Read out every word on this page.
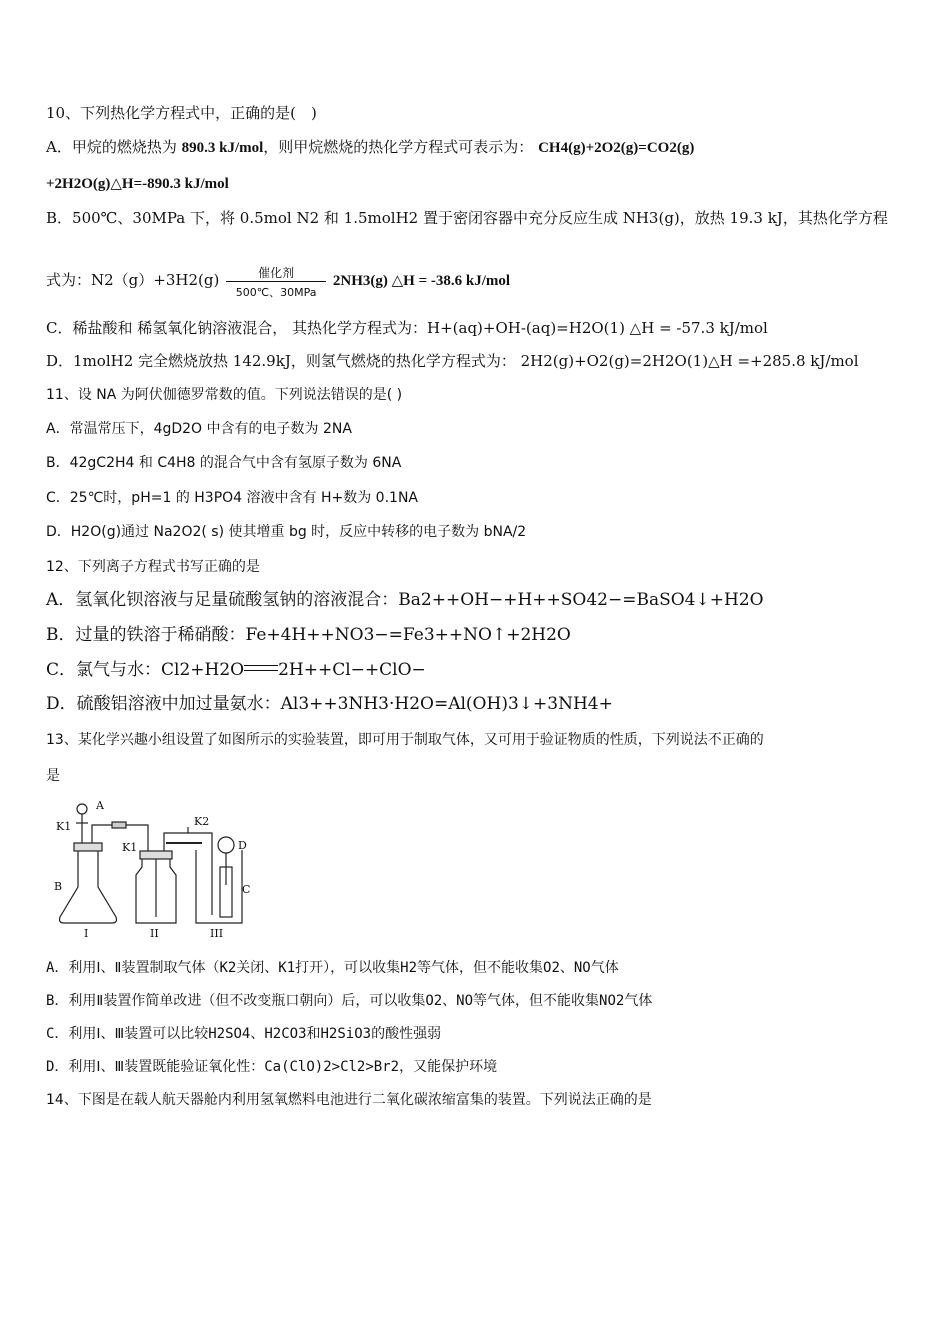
10、下列热化学方程式中，正确的是(　)
A．甲烷的燃烧热为 890.3 kJ/mol，则甲烷燃烧的热化学方程式可表示为： CH4(g)+2O2(g)=CO2(g)
+2H2O(g)△H=-890.3 kJ/mol
B．500℃、30MPa 下，将 0.5mol N2 和 1.5molH2 置于密闭容器中充分反应生成 NH3(g)，放热 19.3 kJ，其热化学方程
式为：N2（g）+3H2(g)	催化剂
500℃、30MPa
2NH3(g) △H = -38.6 kJ/mol
C．稀盐酸和 稀氢氧化钠溶液混合， 其热化学方程式为：H+(aq)+OH-(aq)=H2O(1) △H = -57.3 kJ/mol
D．1molH2 完全燃烧放热 142.9kJ，则氢气燃烧的热化学方程式为： 2H2(g)+O2(g)=2H2O(1)△H =+285.8 kJ/mol
11、设 NA 为阿伏伽德罗常数的值。下列说法错误的是( )
A．常温常压下，4gD2O 中含有的电子数为 2NA
B．42gC2H4 和 C4H8 的混合气中含有氢原子数为 6NA
C．25℃时，pH=1 的 H3PO4 溶液中含有 H+数为 0.1NA
D．H2O(g)通过 Na2O2( s) 使其增重 bg 时，反应中转移的电子数为 bNA/2
12、下列离子方程式书写正确的是
A．氢氧化钡溶液与足量硫酸氢钠的溶液混合：Ba2++OH−+H++SO42−=BaSO4↓+H2O
B．过量的铁溶于稀硝酸：Fe+4H++NO3−=Fe3++NO↑+2H2O
C．氯气与水：Cl2+H2O 2H++Cl−+ClO−
D．硫酸铝溶液中加过量氨水：Al3++3NH3·H2O=Al(OH)3↓+3NH4+
13、某化学兴趣小组设置了如图所示的实验装置，即可用于制取气体，又可用于验证物质的性质，下列说法不正确的
是
A
K1	K2
K1
B
D
C
I	II	III
A．利用Ⅰ、Ⅱ装置制取气体（K2关闭、K1打开），可以收集H2等气体，但不能收集O2、NO气体
B．利用Ⅱ装置作简单改进（但不改变瓶口朝向）后，可以收集O2、NO等气体，但不能收集NO2气体
C．利用Ⅰ、Ⅲ装置可以比较H2SO4、H2CO3和H2SiO3的酸性强弱
D．利用Ⅰ、Ⅲ装置既能验证氧化性：Ca(ClO)2>Cl2>Br2，又能保护环境
14、下图是在载人航天器舱内利用氢氧燃料电池进行二氧化碳浓缩富集的装置。下列说法正确的是
